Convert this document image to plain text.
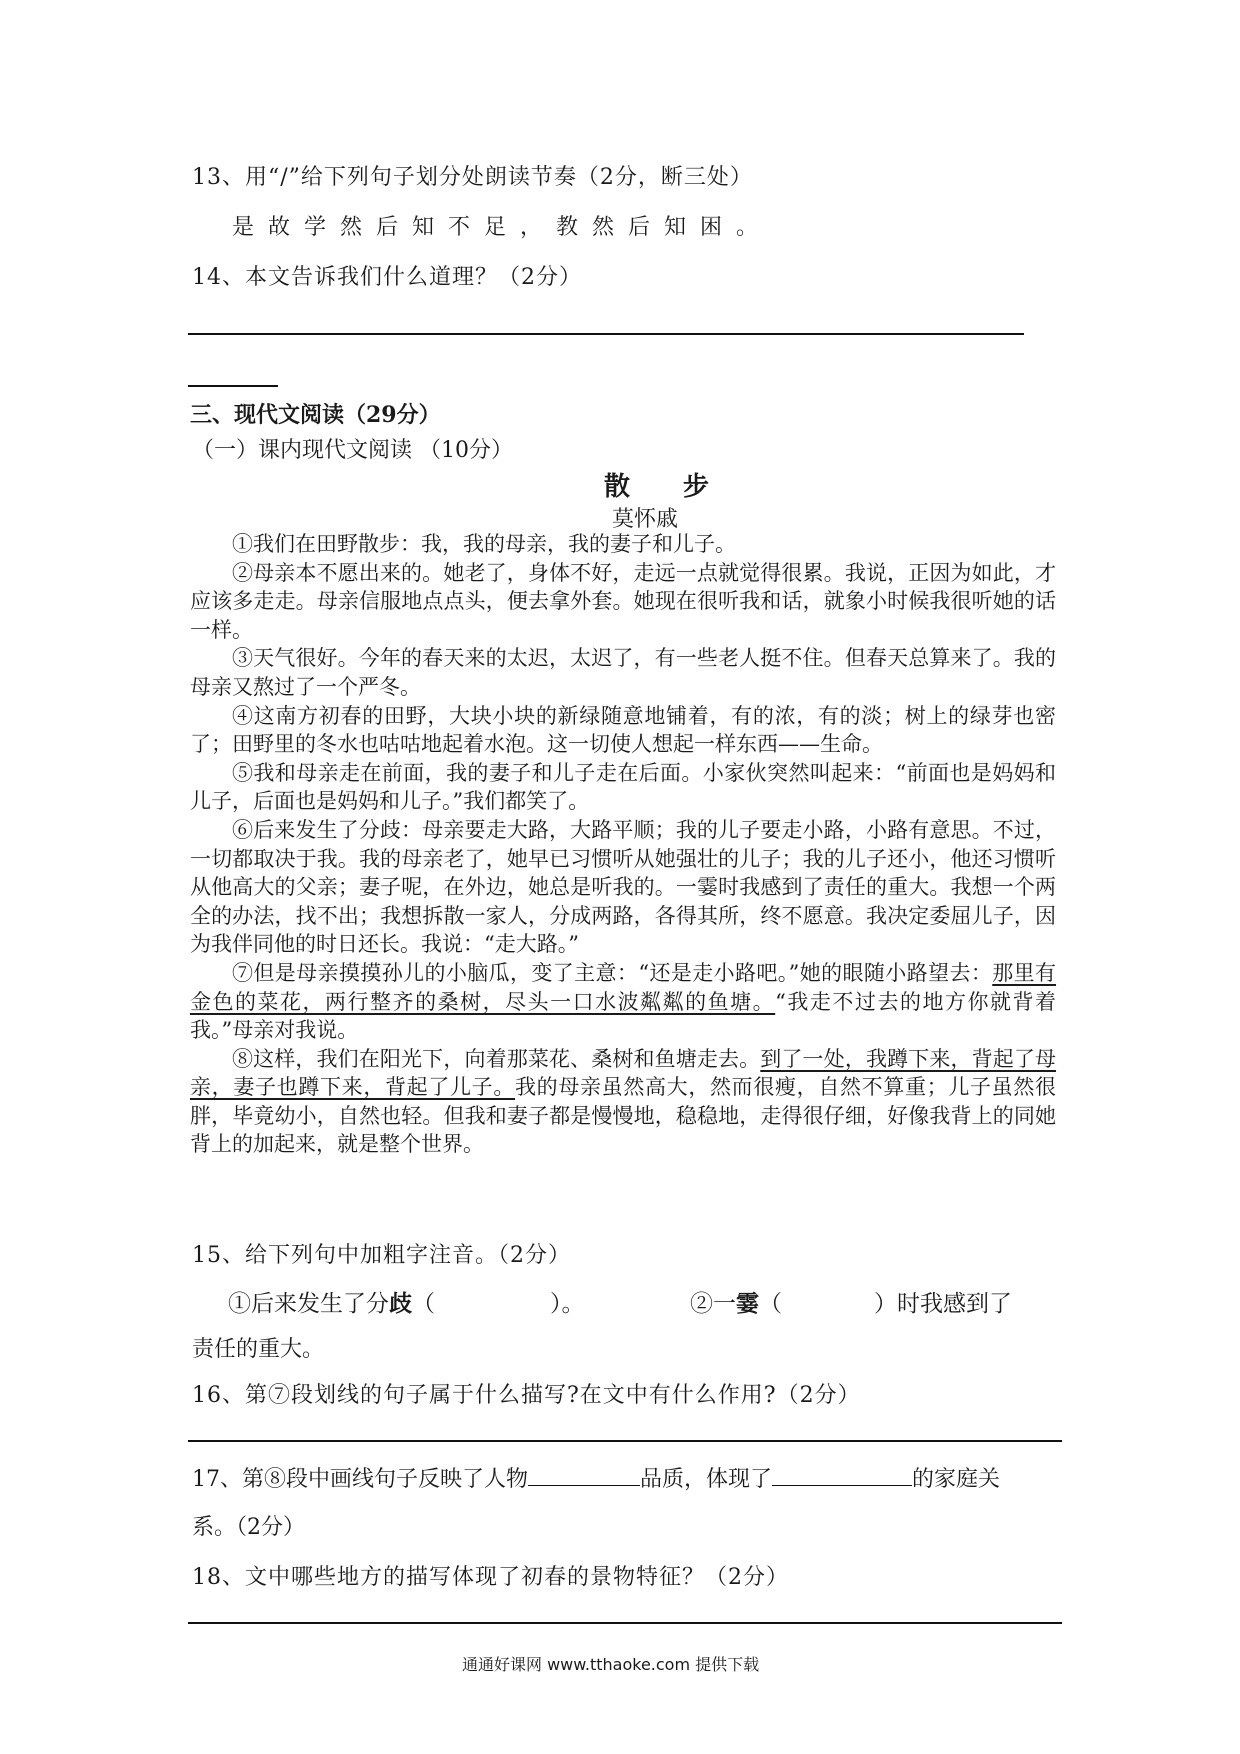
13、用“/”给下列句子划分处朗读节奏（2分，断三处）
是故学然后知不足，教然后知困。
14、本文告诉我们什么道理？（2分）
三、现代文阅读（29分）
（一）课内现代文阅读 （10分）
散 步
莫怀戚

①我们在田野散步：我，我的母亲，我的妻子和儿子。

②母亲本不愿出来的。她老了，身体不好，走远一点就觉得很累。我说，正因为如此，才应该多走走。母亲信服地点点头，便去拿外套。她现在很听我和话，就象小时候我很听她的话一样。

③天气很好。今年的春天来的太迟，太迟了，有一些老人挺不住。但春天总算来了。我的母亲又熬过了一个严冬。

④这南方初春的田野，大块小块的新绿随意地铺着，有的浓，有的淡；树上的绿芽也密了；田野里的冬水也咕咕地起着水泡。这一切使人想起一样东西——生命。

⑤我和母亲走在前面，我的妻子和儿子走在后面。小家伙突然叫起来：“前面也是妈妈和儿子，后面也是妈妈和儿子。”我们都笑了。

⑥后来发生了分歧：母亲要走大路，大路平顺；我的儿子要走小路，小路有意思。不过，一切都取决于我。我的母亲老了，她早已习惯听从她强壮的儿子；我的儿子还小，他还习惯听从他高大的父亲；妻子呢，在外边，她总是听我的。一霎时我感到了责任的重大。我想一个两全的办法，找不出；我想拆散一家人，分成两路，各得其所，终不愿意。我决定委屈儿子，因为我伴同他的时日还长。我说：“走大路。”

⑦但是母亲摸摸孙儿的小脑瓜，变了主意：“还是走小路吧。”她的眼随小路望去：那里有金色的菜花，两行整齐的桑树，尽头一口水波粼粼的鱼塘。“我走不过去的地方你就背着我。”母亲对我说。

⑧这样，我们在阳光下，向着那菜花、桑树和鱼塘走去。到了一处，我蹲下来，背起了母亲，妻子也蹲下来，背起了儿子。我的母亲虽然高大，然而很瘦，自然不算重；儿子虽然很胖，毕竟幼小，自然也轻。但我和妻子都是慢慢地，稳稳地，走得很仔细，好像我背上的同她背上的加起来，就是整个世界。

15、给下列句中加粗字注音。（2分）
①后来发生了分歧（　　　　　）。	②一霎（　　　　）时我感到了
责任的重大。
16、第⑦段划线的句子属于什么描写?在文中有什么作用?（2分）
17、第⑧段中画线句子反映了人物	品质，体现了	的家庭关
系。（2分）
18、文中哪些地方的描写体现了初春的景物特征？（2分）
通通好课网 www.tthaoke.com 提供下载
